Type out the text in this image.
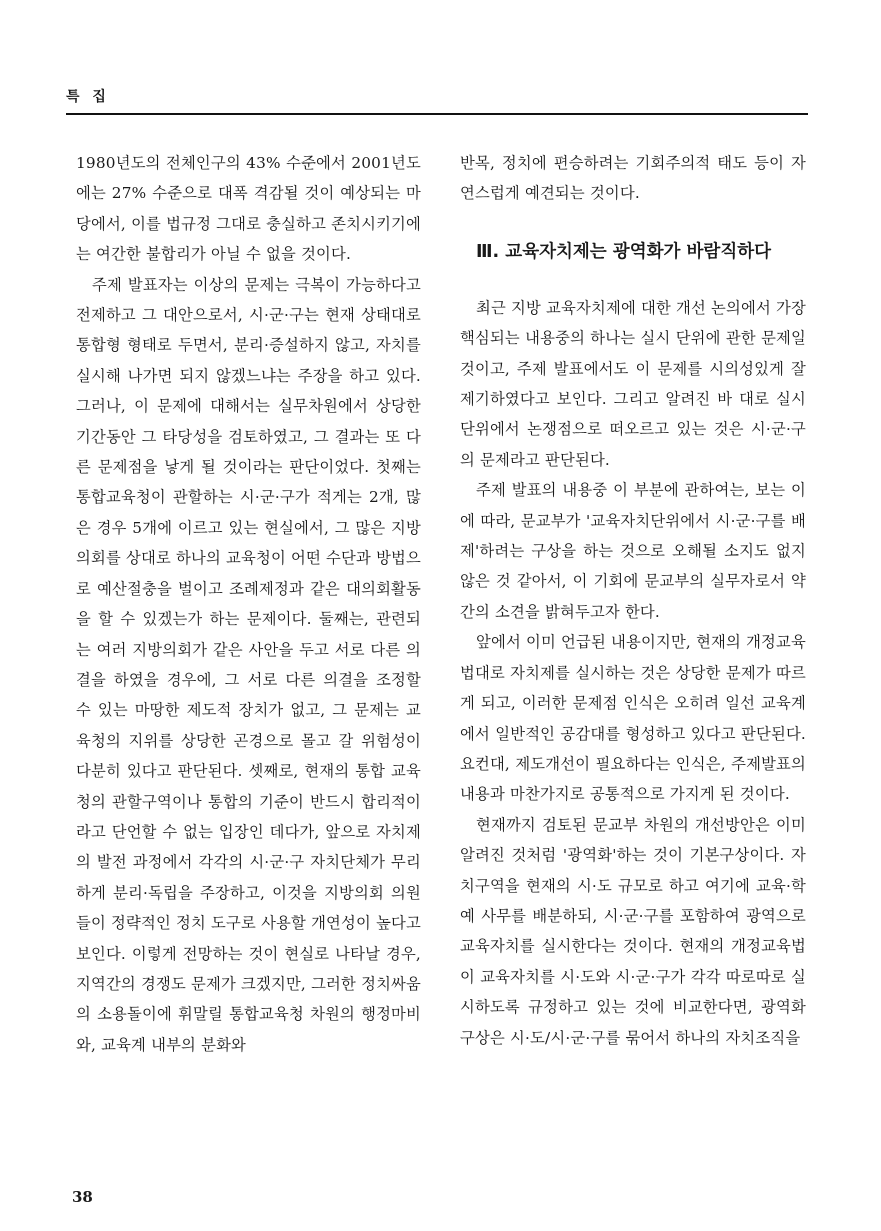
특 집

1980년도의 전체인구의 43% 수준에서 2001년도에는 27% 수준으로 대폭 격감될 것이 예상되는 마당에서, 이를 법규정 그대로 충실하고 존치시키기에는 여간한 불합리가 아닐 수 없을 것이다.

주제 발표자는 이상의 문제는 극복이 가능하다고 전제하고 그 대안으로서, 시·군·구는 현재 상태대로 통합형 형태로 두면서, 분리·증설하지 않고, 자치를 실시해 나가면 되지 않겠느냐는 주장을 하고 있다. 그러나, 이 문제에 대해서는 실무차원에서 상당한 기간동안 그 타당성을 검토하였고, 그 결과는 또 다른 문제점을 낳게 될 것이라는 판단이었다. 첫째는 통합교육청이 관할하는 시·군·구가 적게는 2개, 많은 경우 5개에 이르고 있는 현실에서, 그 많은 지방의회를 상대로 하나의 교육청이 어떤 수단과 방법으로 예산절충을 벌이고 조례제정과 같은 대의회활동을 할 수 있겠는가 하는 문제이다. 둘째는, 관련되는 여러 지방의회가 같은 사안을 두고 서로 다른 의결을 하였을 경우에, 그 서로 다른 의결을 조정할 수 있는 마땅한 제도적 장치가 없고, 그 문제는 교육청의 지위를 상당한 곤경으로 몰고 갈 위험성이 다분히 있다고 판단된다. 셋째로, 현재의 통합 교육청의 관할구역이나 통합의 기준이 반드시 합리적이라고 단언할 수 없는 입장인 데다가, 앞으로 자치제의 발전 과정에서 각각의 시·군·구 자치단체가 무리하게 분리·독립을 주장하고, 이것을 지방의회 의원들이 정략적인 정치 도구로 사용할 개연성이 높다고 보인다. 이렇게 전망하는 것이 현실로 나타날 경우, 지역간의 경쟁도 문제가 크겠지만, 그러한 정치싸움의 소용돌이에 휘말릴 통합교육청 차원의 행정마비와, 교육계 내부의 분화와

반목, 정치에 편승하려는 기회주의적 태도 등이 자연스럽게 예견되는 것이다.

Ⅲ. 교육자치제는 광역화가 바람직하다

최근 지방 교육자치제에 대한 개선 논의에서 가장 핵심되는 내용중의 하나는 실시 단위에 관한 문제일 것이고, 주제 발표에서도 이 문제를 시의성있게 잘 제기하였다고 보인다. 그리고 알려진 바 대로 실시 단위에서 논쟁점으로 떠오르고 있는 것은 시·군·구의 문제라고 판단된다.

주제 발표의 내용중 이 부분에 관하여는, 보는 이에 따라, 문교부가 '교육자치단위에서 시·군·구를 배제'하려는 구상을 하는 것으로 오해될 소지도 없지 않은 것 같아서, 이 기회에 문교부의 실무자로서 약간의 소견을 밝혀두고자 한다.

앞에서 이미 언급된 내용이지만, 현재의 개정교육법대로 자치제를 실시하는 것은 상당한 문제가 따르게 되고, 이러한 문제점 인식은 오히려 일선 교육계에서 일반적인 공감대를 형성하고 있다고 판단된다. 요컨대, 제도개선이 필요하다는 인식은, 주제발표의 내용과 마찬가지로 공통적으로 가지게 된 것이다.

현재까지 검토된 문교부 차원의 개선방안은 이미 알려진 것처럼 '광역화'하는 것이 기본구상이다. 자치구역을 현재의 시·도 규모로 하고 여기에 교육·학예 사무를 배분하되, 시·군·구를 포함하여 광역으로 교육자치를 실시한다는 것이다. 현재의 개정교육법이 교육자치를 시·도와 시·군·구가 각각 따로따로 실시하도록 규정하고 있는 것에 비교한다면, 광역화 구상은 시·도/시·군·구를 묶어서 하나의 자치조직을

38
